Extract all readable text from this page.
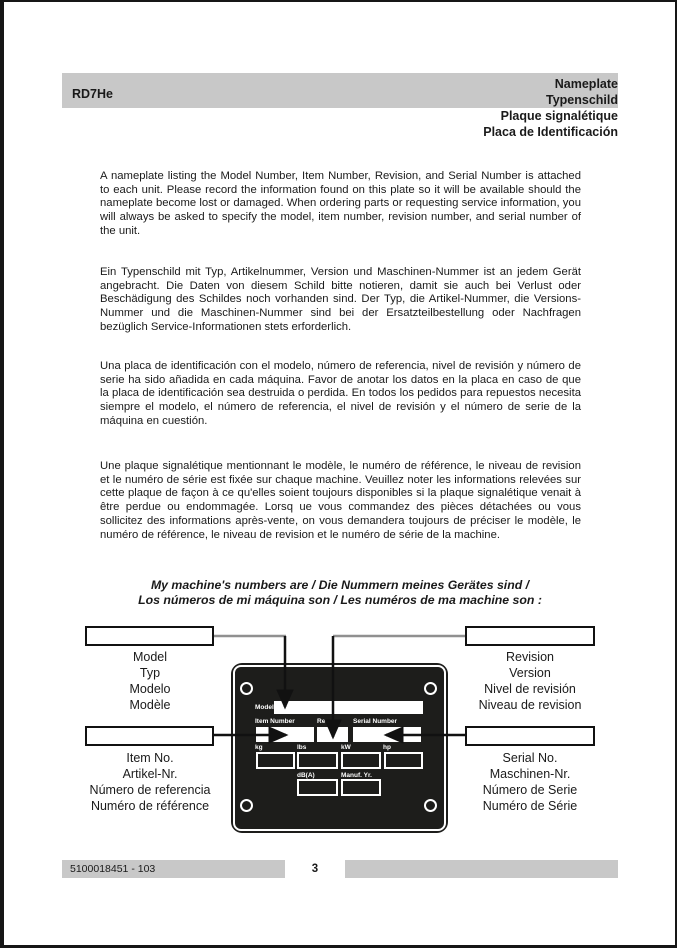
RD7He
Nameplate
Typenschild
Plaque signalétique
Placa de Identificación
A nameplate listing the Model Number, Item Number, Revision, and Serial Number is attached to each unit. Please record the information found on this plate so it will be available should the nameplate become lost or damaged. When ordering parts or requesting service information, you will always be asked to specify the model, item number, revision number, and serial number of the unit.
Ein Typenschild mit Typ, Artikelnummer, Version und Maschinen-Nummer ist an jedem Gerät angebracht. Die Daten von diesem Schild bitte notieren, damit sie auch bei Verlust oder Beschädigung des Schildes noch vorhanden sind. Der Typ, die Artikel-Nummer, die Versions- Nummer und die Maschinen-Nummer sind bei der Ersatzteilbestellung oder Nachfragen bezüglich Service-Informationen stets erforderlich.
Una placa de identificación con el modelo, número de referencia, nivel de revisión y número de serie ha sido añadida en cada máquina. Favor de anotar los datos en la placa en caso de que la placa de identificación sea destruida o perdida. En todos los pedidos para repuestos necesita siempre el modelo, el número de referencia, el nivel de revisión y el número de serie de la máquina en cuestión.
Une plaque signalétique mentionnant le modèle, le numéro de référence, le niveau de revision et le numéro de série est fixée sur chaque machine. Veuillez noter les informations relevées sur cette plaque de façon à ce qu'elles soient toujours disponibles si la plaque signalétique venait à être perdue ou endommagée. Lorsq ue vous commandez des pièces détachées ou vous sollicitez des informations après-vente, on vous demandera toujours de préciser le modèle, le numéro de référence, le niveau de revision et le numéro de série de la machine.
My machine's numbers are / Die Nummern meines Gerätes sind /
Los números de mi máquina son / Les numéros de ma machine son :
Model
Typ
Modelo
Modèle
Revision
Version
Nivel de revisión
Niveau de revision
Item No.
Artikel-Nr.
Número de referencia
Numéro de référence
Serial No.
Maschinen-Nr.
Número de Serie
Numéro de Série
Model
Item Number	Rev.	Serial Number
kg	lbs	kW	hp
dB(A)	Manuf. Yr.
5100018451 - 103	3
